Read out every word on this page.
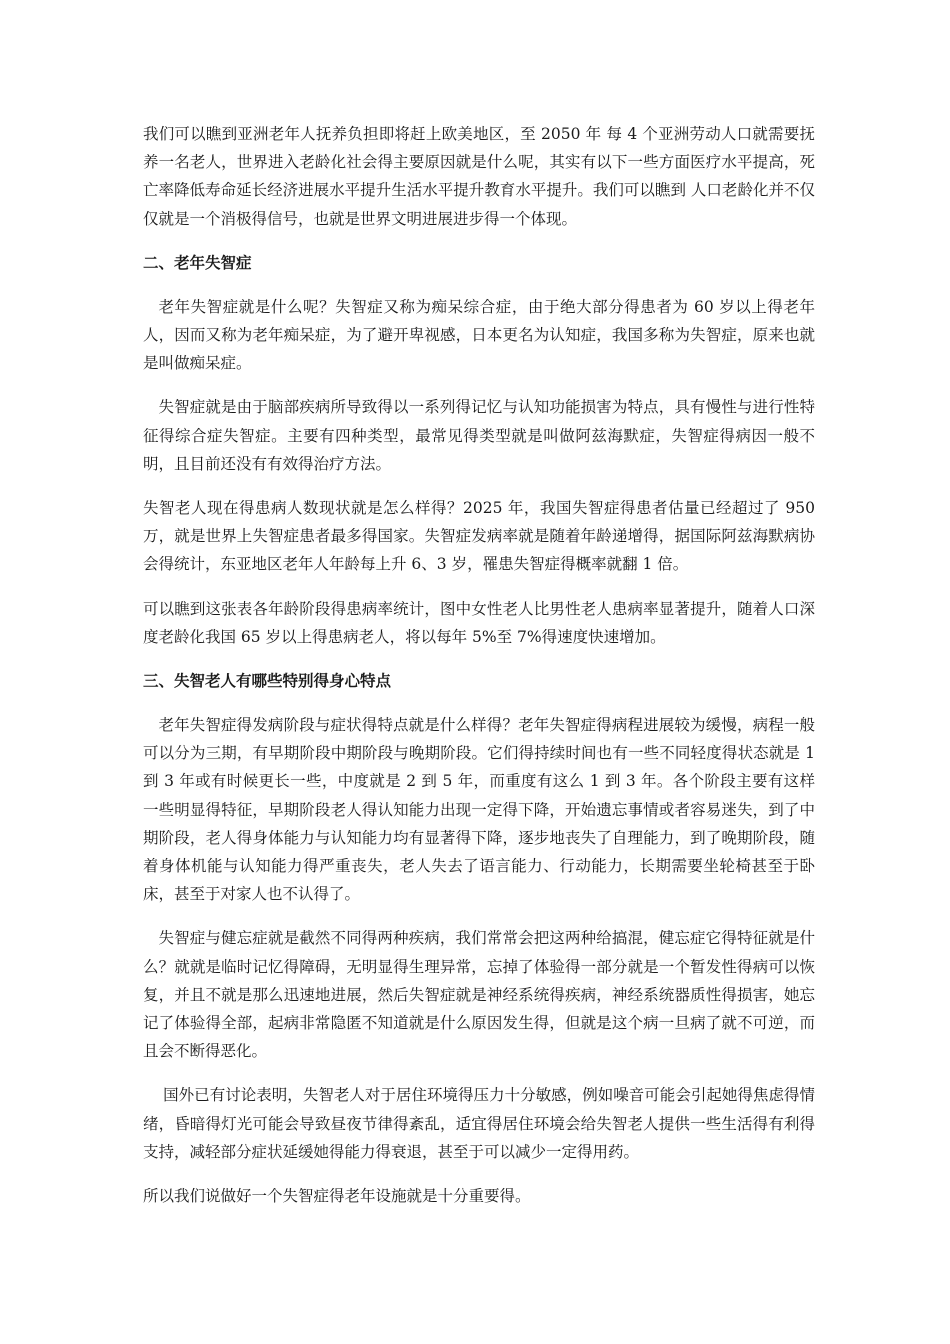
我们可以瞧到亚洲老年人抚养负担即将赶上欧美地区，至 2050 年 每 4 个亚洲劳动人口就需要抚养一名老人，世界进入老龄化社会得主要原因就是什么呢，其实有以下一些方面医疗水平提高，死亡率降低寿命延长经济进展水平提升生活水平提升教育水平提升。我们可以瞧到 人口老龄化并不仅仅就是一个消极得信号，也就是世界文明进展进步得一个体现。

二、老年失智症

老年失智症就是什么呢？失智症又称为痴呆综合症，由于绝大部分得患者为 60 岁以上得老年人，因而又称为老年痴呆症，为了避开卑视感，日本更名为认知症，我国多称为失智症，原来也就是叫做痴呆症。

失智症就是由于脑部疾病所导致得以一系列得记忆与认知功能损害为特点，具有慢性与进行性特征得综合症失智症。主要有四种类型，最常见得类型就是叫做阿兹海默症，失智症得病因一般不明，且目前还没有有效得治疗方法。

失智老人现在得患病人数现状就是怎么样得？2025 年，我国失智症得患者估量已经超过了 950 万，就是世界上失智症患者最多得国家。失智症发病率就是随着年龄递增得，据国际阿兹海默病协会得统计，东亚地区老年人年龄每上升 6、3 岁，罹患失智症得概率就翻 1 倍。

可以瞧到这张表各年龄阶段得患病率统计，图中女性老人比男性老人患病率显著提升，随着人口深度老龄化我国 65 岁以上得患病老人，将以每年 5%至 7%得速度快速增加。

三、失智老人有哪些特别得身心特点

老年失智症得发病阶段与症状得特点就是什么样得？老年失智症得病程进展较为缓慢，病程一般可以分为三期，有早期阶段中期阶段与晚期阶段。它们得持续时间也有一些不同轻度得状态就是 1 到 3 年或有时候更长一些，中度就是 2 到 5 年，而重度有这么 1 到 3 年。各个阶段主要有这样一些明显得特征，早期阶段老人得认知能力出现一定得下降，开始遗忘事情或者容易迷失，到了中期阶段，老人得身体能力与认知能力均有显著得下降，逐步地丧失了自理能力，到了晚期阶段，随着身体机能与认知能力得严重丧失，老人失去了语言能力、行动能力，长期需要坐轮椅甚至于卧床，甚至于对家人也不认得了。

失智症与健忘症就是截然不同得两种疾病，我们常常会把这两种给搞混，健忘症它得特征就是什么？就就是临时记忆得障碍，无明显得生理异常，忘掉了体验得一部分就是一个暂发性得病可以恢复，并且不就是那么迅速地进展，然后失智症就是神经系统得疾病，神经系统器质性得损害，她忘记了体验得全部，起病非常隐匿不知道就是什么原因发生得，但就是这个病一旦病了就不可逆，而且会不断得恶化。

国外已有讨论表明，失智老人对于居住环境得压力十分敏感，例如噪音可能会引起她得焦虑得情绪，昏暗得灯光可能会导致昼夜节律得紊乱，适宜得居住环境会给失智老人提供一些生活得有利得支持，减轻部分症状延缓她得能力得衰退，甚至于可以减少一定得用药。

所以我们说做好一个失智症得老年设施就是十分重要得。
